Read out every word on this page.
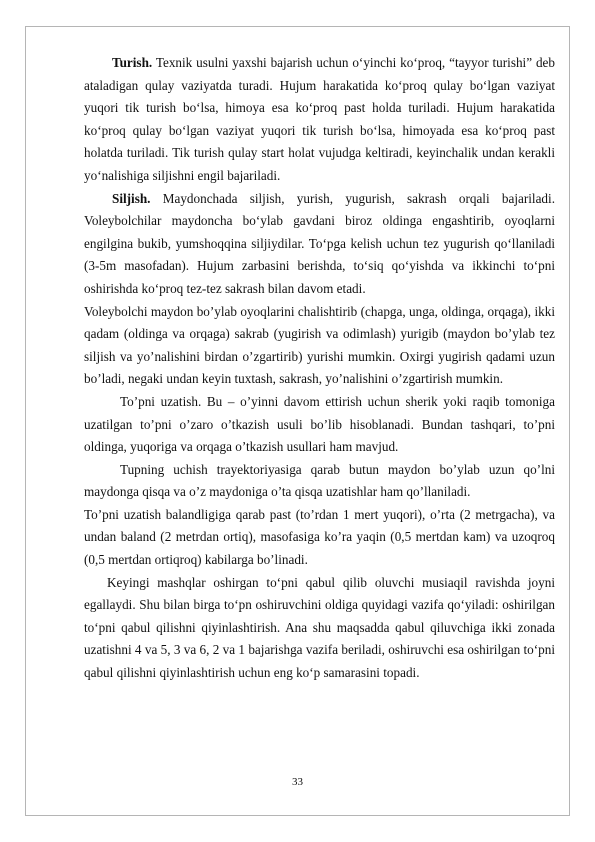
Turish. Texnik usulni yaxshi bajarish uchun o‘yinchi ko‘proq, “tayyor turishi” deb ataladigan qulay vaziyatda turadi. Hujum harakatida ko‘proq qulay bo‘lgan vaziyat yuqori tik turish bo‘lsa, himoya esa ko‘proq past holda turiladi. Hujum harakatida ko‘proq qulay bo‘lgan vaziyat yuqori tik turish bo‘lsa, himoyada esa ko‘proq past holatda turiladi. Tik turish qulay start holat vujudga keltiradi, keyinchalik undan kerakli yo‘nalishiga siljishni engil bajariladi.

Siljish. Maydonchada siljish, yurish, yugurish, sakrash orqali bajariladi. Voleybolchilar maydoncha bo‘ylab gavdani biroz oldinga engashtirib, oyoqlarni engilgina bukib, yumshoqqina siljiydilar. To‘pga kelish uchun tez yugurish qo‘llaniladi (3-5m masofadan). Hujum zarbasini berishda, to‘siq qo‘yishda va ikkinchi to‘pni oshirishda ko‘proq tez-tez sakrash bilan davom etadi.

Voleybolchi maydon bo’ylab oyoqlarini chalishtirib (chapga, unga, oldinga, orqaga), ikki qadam (oldinga va orqaga) sakrab (yugirish va odimlash) yurigib (maydon bo’ylab tez siljish va yo’nalishini birdan o’zgartirib) yurishi mumkin. Oxirgi yugirish qadami uzun bo’ladi, negaki undan keyin tuxtash, sakrash, yo’nalishini o’zgartirish mumkin.

To’pni uzatish. Bu – o’yinni davom ettirish uchun sherik yoki raqib tomoniga uzatilgan to’pni o’zaro o’tkazish usuli bo’lib hisoblanadi. Bundan tashqari, to’pni oldinga, yuqoriga va orqaga o’tkazish usullari ham mavjud.

Tupning uchish trayektoriyasiga qarab butun maydon bo’ylab uzun qo’lni maydonga qisqa va o’z maydoniga o’ta qisqa uzatishlar ham qo’llaniladi.

To’pni uzatish balandligiga qarab past (to’rdan 1 mert yuqori), o’rta (2 metrgacha), va undan baland (2 metrdan ortiq), masofasiga ko’ra yaqin (0,5 mertdan kam) va uzoqroq (0,5 mertdan ortiqroq) kabilarga bo’linadi.

Keyingi mashqlar oshirgan to‘pni qabul qilib oluvchi musiaqil ravishda joyni egallaydi. Shu bilan birga to‘pn oshiruvchini oldiga quyidagi vazifa qo‘yiladi: oshirilgan to‘pni qabul qilishni qiyinlashtirish. Ana shu maqsadda qabul qiluvchiga ikki zonada uzatishni 4 va 5, 3 va 6, 2 va 1 bajarishga vazifa beriladi, oshiruvchi esa oshirilgan to‘pni qabul qilishni qiyinlashtirish uchun eng ko‘p samarasini topadi.

33
